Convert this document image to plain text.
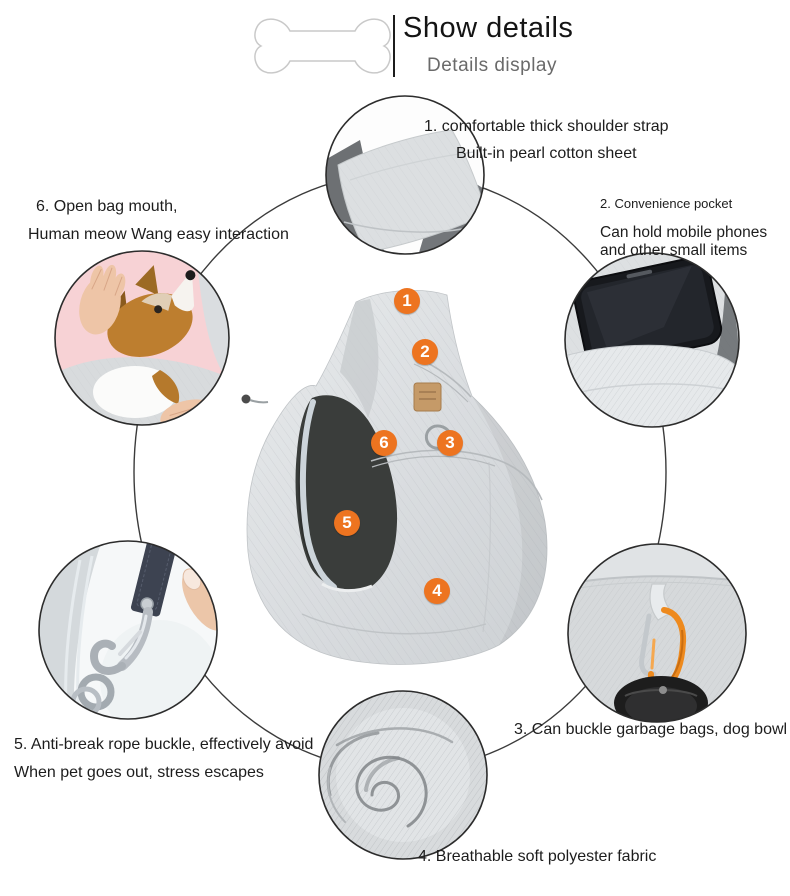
Show details
Details display
1
2
3
4
5
6
1. comfortable thick shoulder strap
Built-in pearl cotton sheet
2. Convenience pocket
Can hold mobile phones
and other small items
6. Open bag mouth,
Human meow Wang easy interaction
3. Can buckle garbage bags, dog bowl
4. Breathable soft polyester fabric
5. Anti-break rope buckle, effectively avoid
When pet goes out, stress escapes
